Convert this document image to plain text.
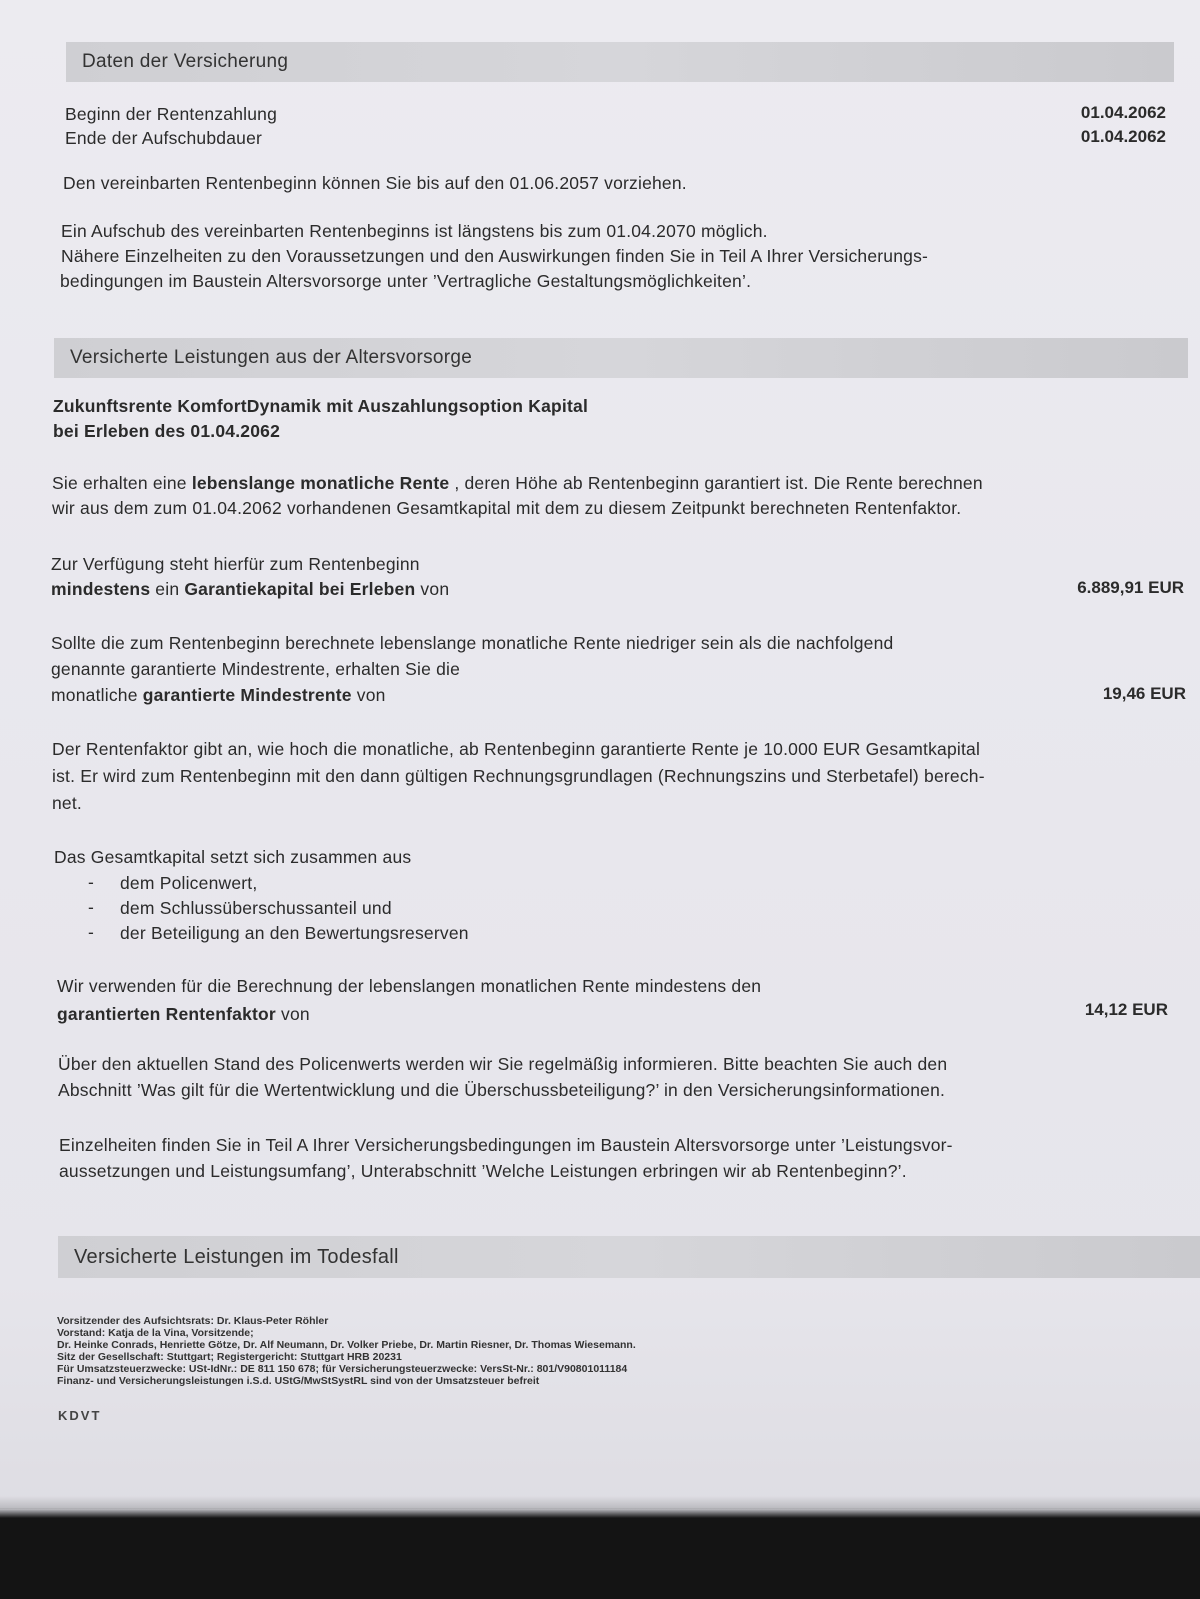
Daten der Versicherung
Beginn der Rentenzahlung	01.04.2062
Ende der Aufschubdauer	01.04.2062
Den vereinbarten Rentenbeginn können Sie bis auf den 01.06.2057 vorziehen.
Ein Aufschub des vereinbarten Rentenbeginns ist längstens bis zum 01.04.2070 möglich.
Nähere Einzelheiten zu den Voraussetzungen und den Auswirkungen finden Sie in Teil A Ihrer Versicherungs-
bedingungen im Baustein Altersvorsorge unter ’Vertragliche Gestaltungsmöglichkeiten’.
Versicherte Leistungen aus der Altersvorsorge
Zukunftsrente KomfortDynamik mit Auszahlungsoption Kapital
bei Erleben des 01.04.2062
Sie erhalten eine lebenslange monatliche Rente , deren Höhe ab Rentenbeginn garantiert ist. Die Rente berechnen
wir aus dem zum 01.04.2062 vorhandenen Gesamtkapital mit dem zu diesem Zeitpunkt berechneten Rentenfaktor.
Zur Verfügung steht hierfür zum Rentenbeginn
mindestens ein Garantiekapital bei Erleben von	6.889,91 EUR
Sollte die zum Rentenbeginn berechnete lebenslange monatliche Rente niedriger sein als die nachfolgend
genannte garantierte Mindestrente, erhalten Sie die
monatliche garantierte Mindestrente von	19,46 EUR
Der Rentenfaktor gibt an, wie hoch die monatliche, ab Rentenbeginn garantierte Rente je 10.000 EUR Gesamtkapital
ist. Er wird zum Rentenbeginn mit den dann gültigen Rechnungsgrundlagen (Rechnungszins und Sterbetafel) berech-
net.
Das Gesamtkapital setzt sich zusammen aus
- dem Policenwert,
- dem Schlussüberschussanteil und
- der Beteiligung an den Bewertungsreserven
Wir verwenden für die Berechnung der lebenslangen monatlichen Rente mindestens den
garantierten Rentenfaktor von	14,12 EUR
Über den aktuellen Stand des Policenwerts werden wir Sie regelmäßig informieren. Bitte beachten Sie auch den
Abschnitt ’Was gilt für die Wertentwicklung und die Überschussbeteiligung?’ in den Versicherungsinformationen.
Einzelheiten finden Sie in Teil A Ihrer Versicherungsbedingungen im Baustein Altersvorsorge unter ’Leistungsvor-
aussetzungen und Leistungsumfang’, Unterabschnitt ’Welche Leistungen erbringen wir ab Rentenbeginn?’.
Versicherte Leistungen im Todesfall
Vorsitzender des Aufsichtsrats: Dr. Klaus-Peter Röhler
Vorstand: Katja de la Vina, Vorsitzende;
Dr. Heinke Conrads, Henriette Götze, Dr. Alf Neumann, Dr. Volker Priebe, Dr. Martin Riesner, Dr. Thomas Wiesemann.
Sitz der Gesellschaft: Stuttgart; Registergericht: Stuttgart HRB 20231
Für Umsatzsteuerzwecke: USt-IdNr.: DE 811 150 678; für Versicherungsteuerzwecke: VersSt-Nr.: 801/V90801011184
Finanz- und Versicherungsleistungen i.S.d. UStG/MwStSystRL sind von der Umsatzsteuer befreit
KDVT
